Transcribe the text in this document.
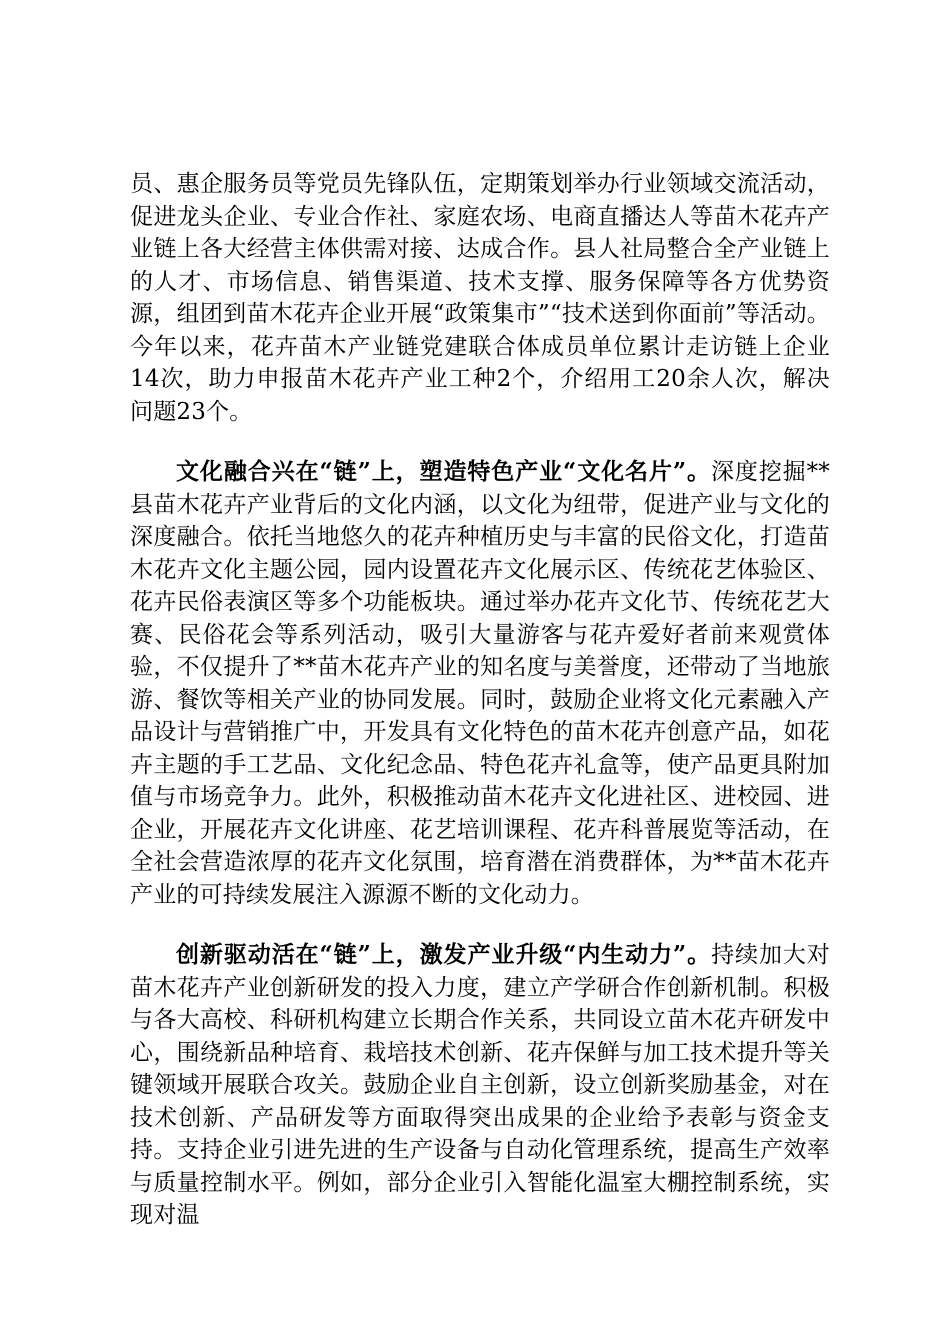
员、惠企服务员等党员先锋队伍，定期策划举办行业领域交流活动，促进龙头企业、专业合作社、家庭农场、电商直播达人等苗木花卉产业链上各大经营主体供需对接、达成合作。县人社局整合全产业链上的人才、市场信息、销售渠道、技术支撑、服务保障等各方优势资源，组团到苗木花卉企业开展“政策集市”“技术送到你面前”等活动。今年以来，花卉苗木产业链党建联合体成员单位累计走访链上企业14次，助力申报苗木花卉产业工种2个，介绍用工20余人次，解决问题23个。

文化融合兴在“链”上，塑造特色产业“文化名片”。深度挖掘**县苗木花卉产业背后的文化内涵，以文化为纽带，促进产业与文化的深度融合。依托当地悠久的花卉种植历史与丰富的民俗文化，打造苗木花卉文化主题公园，园内设置花卉文化展示区、传统花艺体验区、花卉民俗表演区等多个功能板块。通过举办花卉文化节、传统花艺大赛、民俗花会等系列活动，吸引大量游客与花卉爱好者前来观赏体验，不仅提升了**苗木花卉产业的知名度与美誉度，还带动了当地旅游、餐饮等相关产业的协同发展。同时，鼓励企业将文化元素融入产品设计与营销推广中，开发具有文化特色的苗木花卉创意产品，如花卉主题的手工艺品、文化纪念品、特色花卉礼盒等，使产品更具附加值与市场竞争力。此外，积极推动苗木花卉文化进社区、进校园、进企业，开展花卉文化讲座、花艺培训课程、花卉科普展览等活动，在全社会营造浓厚的花卉文化氛围，培育潜在消费群体，为**苗木花卉产业的可持续发展注入源源不断的文化动力。

创新驱动活在“链”上，激发产业升级“内生动力”。持续加大对苗木花卉产业创新研发的投入力度，建立产学研合作创新机制。积极与各大高校、科研机构建立长期合作关系，共同设立苗木花卉研发中心，围绕新品种培育、栽培技术创新、花卉保鲜与加工技术提升等关键领域开展联合攻关。鼓励企业自主创新，设立创新奖励基金，对在技术创新、产品研发等方面取得突出成果的企业给予表彰与资金支持。支持企业引进先进的生产设备与自动化管理系统，提高生产效率与质量控制水平。例如，部分企业引入智能化温室大棚控制系统，实现对温
